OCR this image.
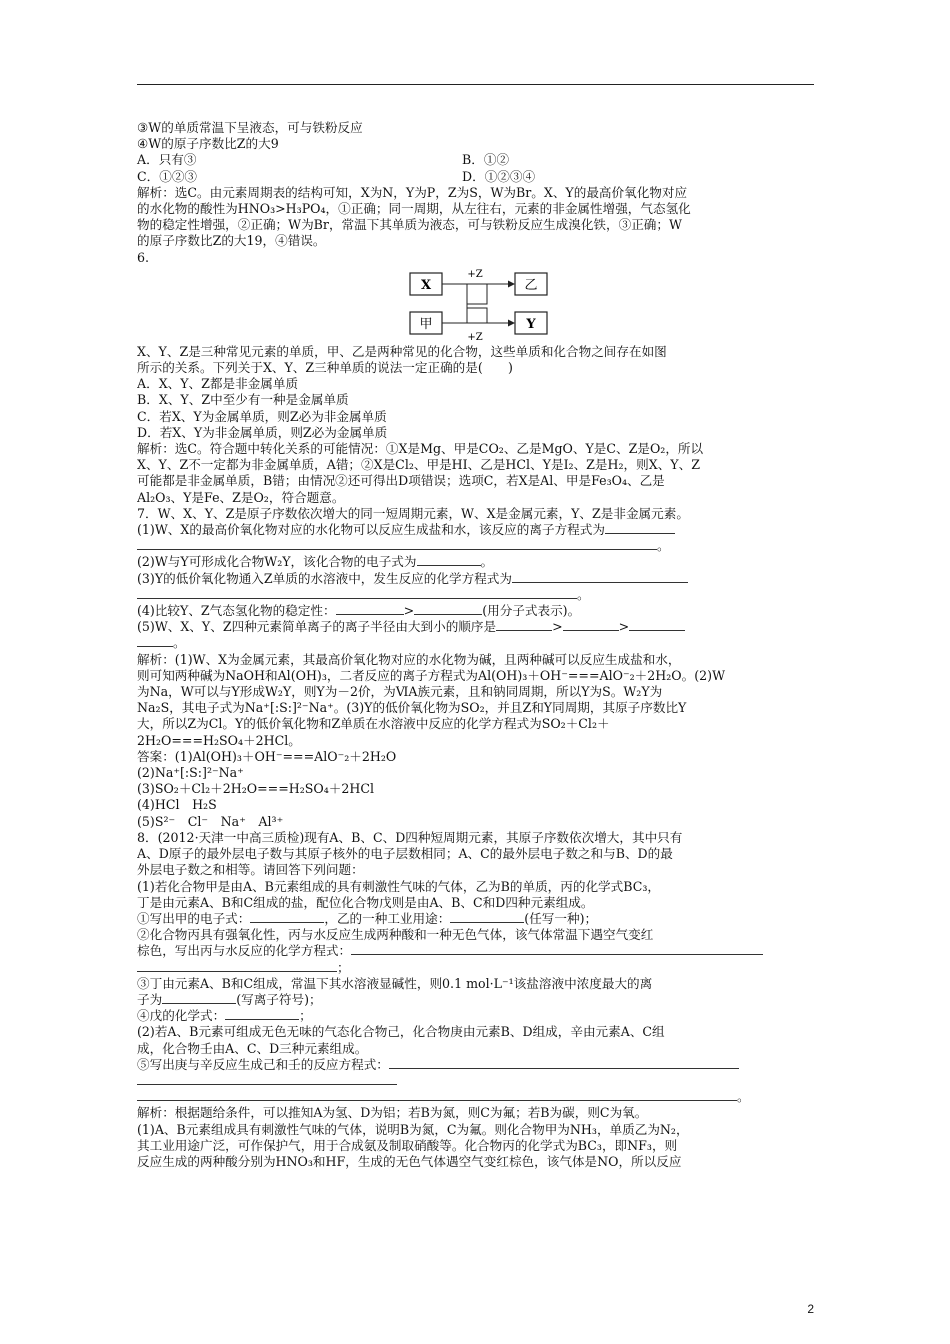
③W的单质常温下呈液态，可与铁粉反应

④W的原子序数比Z的大9

A．只有③	B．①②
C．①②③	D．①②③④

解析：选C。由元素周期表的结构可知，X为N，Y为P，Z为S，W为Br。X、Y的最高价氧化物对应

的水化物的酸性为HNO₃>H₃PO₄，①正确；同一周期，从左往右，元素的非金属性增强，气态氢化

物的稳定性增强，②正确；W为Br，常温下其单质为液态，可与铁粉反应生成溴化铁，③正确；W

的原子序数比Z的大19，④错误。

6.

X	乙
甲	Y
+Z
+Z

X、Y、Z是三种常见元素的单质，甲、乙是两种常见的化合物，这些单质和化合物之间存在如图

所示的关系。下列关于X、Y、Z三种单质的说法一定正确的是(　　)

A．X、Y、Z都是非金属单质

B．X、Y、Z中至少有一种是金属单质

C．若X、Y为金属单质，则Z必为非金属单质

D．若X、Y为非金属单质，则Z必为金属单质

解析：选C。符合题中转化关系的可能情况：①X是Mg、甲是CO₂、乙是MgO、Y是C、Z是O₂，所以

X、Y、Z不一定都为非金属单质，A错；②X是Cl₂、甲是HI、乙是HCl、Y是I₂、Z是H₂，则X、Y、Z

可能都是非金属单质，B错；由情况②还可得出D项错误；选项C，若X是Al、甲是Fe₃O₄、乙是

Al₂O₃、Y是Fe、Z是O₂，符合题意。

7．W、X、Y、Z是原子序数依次增大的同一短周期元素，W、X是金属元素，Y、Z是非金属元素。

(1)W、X的最高价氧化物对应的水化物可以反应生成盐和水，该反应的离子方程式为

。

(2)W与Y可形成化合物W₂Y，该化合物的电子式为	。

(3)Y的低价氧化物通入Z单质的水溶液中，发生反应的化学方程式为

。

(4)比较Y、Z气态氢化物的稳定性：	>	(用分子式表示)。

(5)W、X、Y、Z四种元素简单离子的离子半径由大到小的顺序是	>	>

。

解析：(1)W、X为金属元素，其最高价氧化物对应的水化物为碱，且两种碱可以反应生成盐和水，

则可知两种碱为NaOH和Al(OH)₃，二者反应的离子方程式为Al(OH)₃＋OH⁻===AlO⁻₂＋2H₂O。(2)W

为Na，W可以与Y形成W₂Y，则Y为－2价，为ⅥA族元素，且和钠同周期，所以Y为S。W₂Y为

Na₂S，其电子式为Na⁺[:S:]²⁻Na⁺。(3)Y的低价氧化物为SO₂，并且Z和Y同周期，其原子序数比Y

大，所以Z为Cl。Y的低价氧化物和Z单质在水溶液中反应的化学方程式为SO₂＋Cl₂＋

2H₂O===H₂SO₄＋2HCl。

答案：(1)Al(OH)₃＋OH⁻===AlO⁻₂＋2H₂O

(2)Na⁺[:S:]²⁻Na⁺

(3)SO₂＋Cl₂＋2H₂O===H₂SO₄＋2HCl

(4)HCl　H₂S

(5)S²⁻　Cl⁻　Na⁺　Al³⁺

8．(2012·天津一中高三质检)现有A、B、C、D四种短周期元素，其原子序数依次增大，其中只有

A、D原子的最外层电子数与其原子核外的电子层数相同；A、C的最外层电子数之和与B、D的最

外层电子数之和相等。请回答下列问题：

(1)若化合物甲是由A、B元素组成的具有刺激性气味的气体，乙为B的单质，丙的化学式BC₃，

丁是由元素A、B和C组成的盐，配位化合物戊则是由A、B、C和D四种元素组成。

①写出甲的电子式：	，乙的一种工业用途：	(任写一种)；

②化合物丙具有强氧化性，丙与水反应生成两种酸和一种无色气体，该气体常温下遇空气变红

棕色，写出丙与水反应的化学方程式：

；

③丁由元素A、B和C组成，常温下其水溶液显碱性，则0.1 mol·L⁻¹该盐溶液中浓度最大的离

子为	(写离子符号)；

④戊的化学式：	；

(2)若A、B元素可组成无色无味的气态化合物己，化合物庚由元素B、D组成，辛由元素A、C组

成，化合物壬由A、C、D三种元素组成。

⑤写出庚与辛反应生成己和壬的反应方程式：

。

解析：根据题给条件，可以推知A为氢、D为铝；若B为氮，则C为氟；若B为碳，则C为氧。

(1)A、B元素组成具有刺激性气味的气体，说明B为氮，C为氟。则化合物甲为NH₃，单质乙为N₂，

其工业用途广泛，可作保护气，用于合成氨及制取硝酸等。化合物丙的化学式为BC₃，即NF₃，则

反应生成的两种酸分别为HNO₃和HF，生成的无色气体遇空气变红棕色，该气体是NO，所以反应

2
